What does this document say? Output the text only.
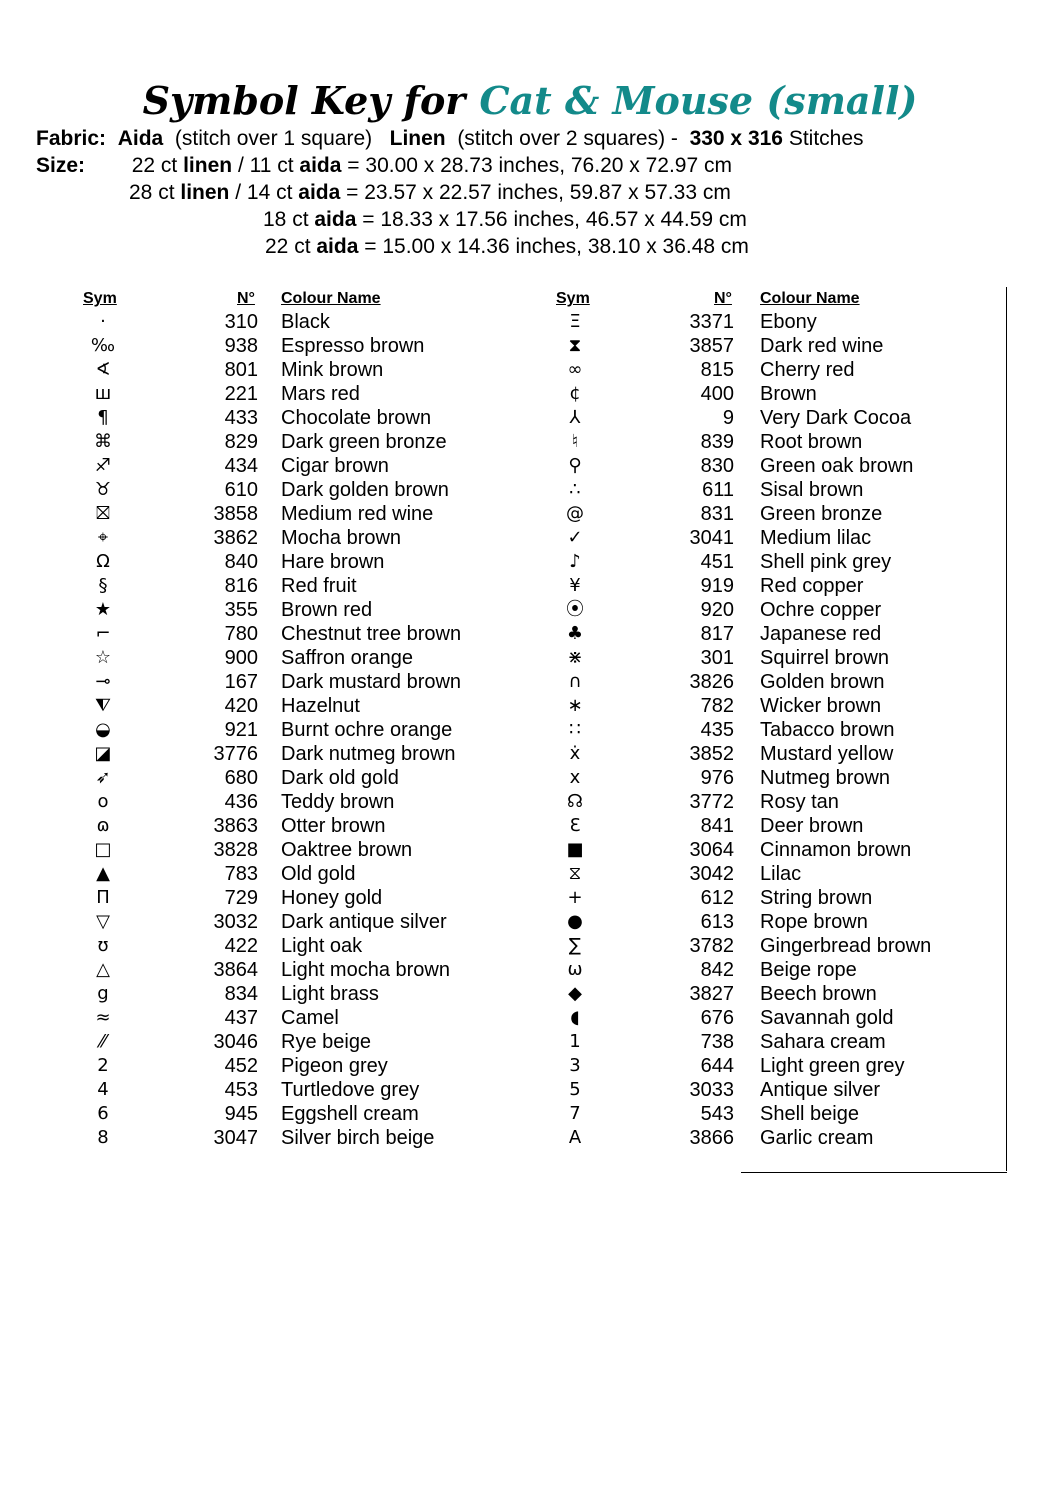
Symbol Key for Cat & Mouse (small)
Fabric: Aida (stitch over 1 square) Linen (stitch over 2 squares) - 330 x 316 Stitches
Size: 22 ct linen / 11 ct aida = 30.00 x 28.73 inches, 76.20 x 72.97 cm
28 ct linen / 14 ct aida = 23.57 x 22.57 inches, 59.87 x 57.33 cm
18 ct aida = 18.33 x 17.56 inches, 46.57 x 44.59 cm
22 ct aida = 15.00 x 14.36 inches, 38.10 x 36.48 cm
Sym	N° Colour Name	Sym	N° Colour Name
·	310 Black
‰	938 Espresso brown
∢	801 Mink brown
ш	221 Mars red
¶	433 Chocolate brown
⌘	829 Dark green bronze
♐	434 Cigar brown
♉	610 Dark golden brown
⛝	3858 Medium red wine
⌖	3862 Mocha brown
Ω	840 Hare brown
§	816 Red fruit
★	355 Brown red
⌐	780 Chestnut tree brown
☆	900 Saffron orange
⊸	167 Dark mustard brown
⧨	420 Hazelnut
◒	921 Burnt ochre orange
◪	3776 Dark nutmeg brown
➶	680 Dark old gold
o	436 Teddy brown
ɷ	3863 Otter brown
□	3828 Oaktree brown
▲	783 Old gold
Π	729 Honey gold
▽	3032 Dark antique silver
ʊ	422 Light oak
△	3864 Light mocha brown
g	834 Light brass
≈	437 Camel
⁄⁄	3046 Rye beige
2	452 Pigeon grey
4	453 Turtledove grey
6	945 Eggshell cream
8	3047 Silver birch beige
Ξ	3371 Ebony
⧗	3857 Dark red wine
∞	815 Cherry red
¢	400 Brown
⅄	9 Very Dark Cocoa
♮	839 Root brown
⚲	830 Green oak brown
∴	611 Sisal brown
@	831 Green bronze
✓	3041 Medium lilac
♪	451 Shell pink grey
¥	919 Red copper
⦿	920 Ochre copper
♣	817 Japanese red
⋇	301 Squirrel brown
∩	3826 Golden brown
∗	782 Wicker brown
∷	435 Tabacco brown
ẋ	3852 Mustard yellow
x	976 Nutmeg brown
☊	3772 Rosy tan
Ɛ	841 Deer brown
■	3064 Cinnamon brown
⧖	3042 Lilac
+	612 String brown
●	613 Rope brown
∑	3782 Gingerbread brown
ω	842 Beige rope
◆	3827 Beech brown
◖	676 Savannah gold
1	738 Sahara cream
3	644 Light green grey
5	3033 Antique silver
7	543 Shell beige
A	3866 Garlic cream
